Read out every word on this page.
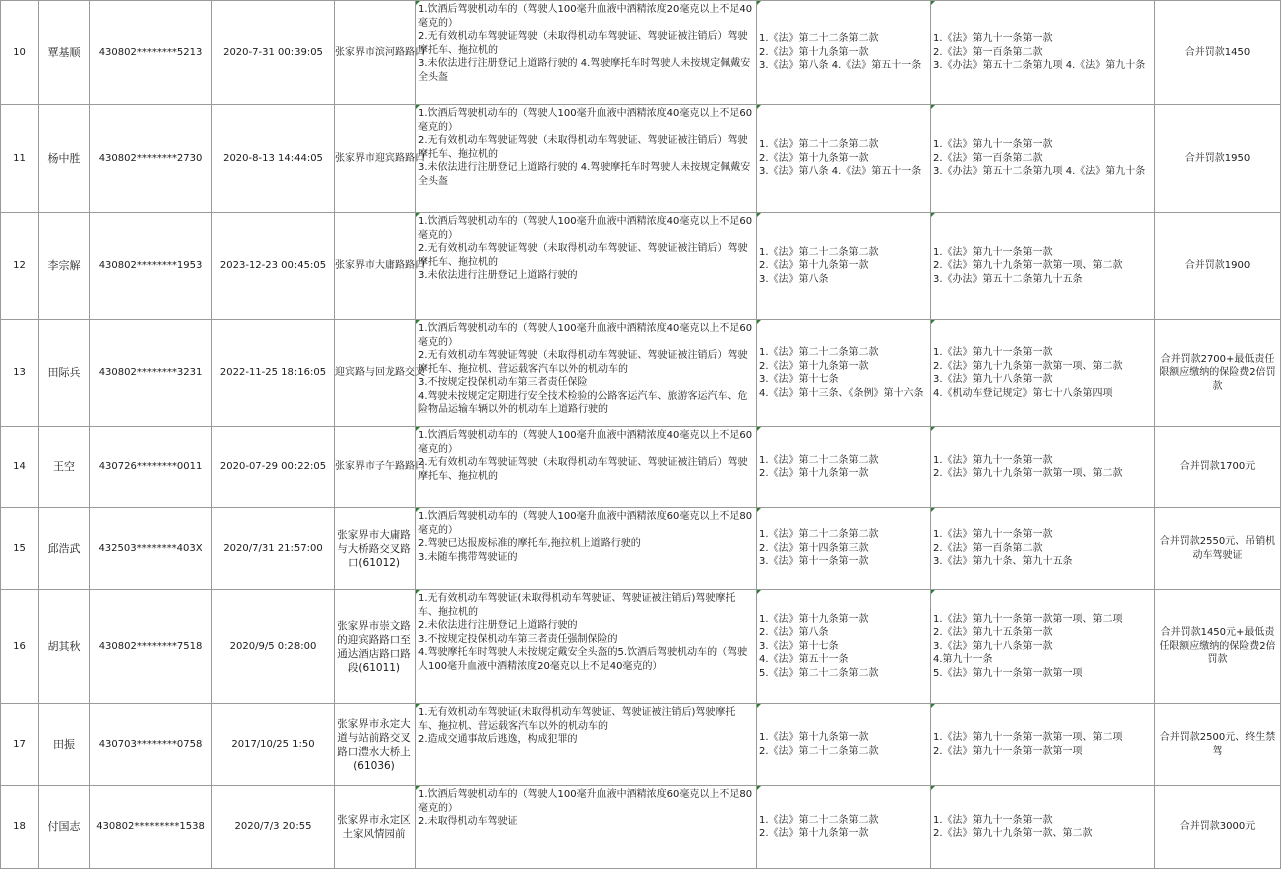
10	覃基顺	430802********5213	2020-7-31 00:39:05	张家界市滨河路路口	1.饮酒后驾驶机动车的（驾驶人100毫升血液中酒精浓度20毫克以上不足40毫克的）
2.无有效机动车驾驶证驾驶（未取得机动车驾驶证、驾驶证被注销后）驾驶摩托车、拖拉机的
3.未依法进行注册登记上道路行驶的 4.驾驶摩托车时驾驶人未按规定佩戴安全头盔	1.《法》第二十二条第二款
2.《法》第十九条第一款
3.《法》第八条 4.《法》第五十一条	1.《法》第九十一条第一款
2.《法》第一百条第二款
3.《办法》第五十二条第九项 4.《法》第九十条	合并罚款1450
11	杨中胜	430802********2730	2020-8-13 14:44:05	张家界市迎宾路路口	1.饮酒后驾驶机动车的（驾驶人100毫升血液中酒精浓度40毫克以上不足60毫克的）
2.无有效机动车驾驶证驾驶（未取得机动车驾驶证、驾驶证被注销后）驾驶摩托车、拖拉机的
3.未依法进行注册登记上道路行驶的 4.驾驶摩托车时驾驶人未按规定佩戴安全头盔	1.《法》第二十二条第二款
2.《法》第十九条第一款
3.《法》第八条 4.《法》第五十一条	1.《法》第九十一条第一款
2.《法》第一百条第二款
3.《办法》第五十二条第九项 4.《法》第九十条	合并罚款1950
12	李宗解	430802********1953	2023-12-23 00:45:05	张家界市大庸路路口	1.饮酒后驾驶机动车的（驾驶人100毫升血液中酒精浓度40毫克以上不足60毫克的）
2.无有效机动车驾驶证驾驶（未取得机动车驾驶证、驾驶证被注销后）驾驶摩托车、拖拉机的
3.未依法进行注册登记上道路行驶的	1.《法》第二十二条第二款
2.《法》第十九条第一款
3.《法》第八条	1.《法》第九十一条第一款
2.《法》第九十九条第一款第一项、第二款
3.《办法》第五十二条第九十五条	合并罚款1900
13	田际兵	430802********3231	2022-11-25 18:16:05	迎宾路与回龙路交叉	1.饮酒后驾驶机动车的（驾驶人100毫升血液中酒精浓度40毫克以上不足60毫克的）
2.无有效机动车驾驶证驾驶（未取得机动车驾驶证、驾驶证被注销后）驾驶摩托车、拖拉机、营运载客汽车以外的机动车的
3.不按规定投保机动车第三者责任保险
4.驾驶未按规定定期进行安全技术检验的公路客运汽车、旅游客运汽车、危险物品运输车辆以外的机动车上道路行驶的	1.《法》第二十二条第二款
2.《法》第十九条第一款
3.《法》第十七条
4.《法》第十三条、《条例》第十六条	1.《法》第九十一条第一款
2.《法》第九十九条第一款第一项、第二款
3.《法》第九十八条第一款
4.《机动车登记规定》第七十八条第四项	合并罚款2700+最低责任限额应缴纳的保险费2倍罚款
14	王空	430726********0011	2020-07-29 00:22:05	张家界市子午路路口	1.饮酒后驾驶机动车的（驾驶人100毫升血液中酒精浓度40毫克以上不足60毫克的）
2.无有效机动车驾驶证驾驶（未取得机动车驾驶证、驾驶证被注销后）驾驶摩托车、拖拉机的	1.《法》第二十二条第二款
2.《法》第十九条第一款	1.《法》第九十一条第一款
2.《法》第九十九条第一款第一项、第二款	合并罚款1700元
15	邱浩武	432503********403X	2020/7/31 21:57:00	张家界市大庸路与大桥路交叉路口(61012)	1.饮酒后驾驶机动车的（驾驶人100毫升血液中酒精浓度60毫克以上不足80毫克的）
2.驾驶已达报废标准的摩托车,拖拉机上道路行驶的
3.未随车携带驾驶证的	1.《法》第二十二条第二款
2.《法》第十四条第三款
3.《法》第十一条第一款	1.《法》第九十一条第一款
2.《法》第一百条第二款
3.《法》第九十条、第九十五条	合并罚款2550元、吊销机动车驾驶证
16	胡其秋	430802********7518	2020/9/5 0:28:00	张家界市崇文路的迎宾路路口至通达酒店路口路段(61011)	1.无有效机动车驾驶证(未取得机动车驾驶证、驾驶证被注销后)驾驶摩托车、拖拉机的
2.未依法进行注册登记上道路行驶的
3.不按规定投保机动车第三者责任强制保险的
4.驾驶摩托车时驾驶人未按规定戴安全头盔的5.饮酒后驾驶机动车的（驾驶人100毫升血液中酒精浓度20毫克以上不足40毫克的）	1.《法》第十九条第一款
2.《法》第八条
3.《法》第十七条
4.《法》第五十一条
5.《法》第二十二条第二款	1.《法》第九十一条第一款第一项、第二项
2.《法》第九十五条第一款
3.《法》第九十八条第一款
4.第九十一条
5.《法》第九十一条第一款第一项	合并罚款1450元+最低责任限额应缴纳的保险费2倍罚款
17	田振	430703********0758	2017/10/25 1:50	张家界市永定大道与站前路交叉路口澧水大桥上(61036)	1.无有效机动车驾驶证(未取得机动车驾驶证、驾驶证被注销后)驾驶摩托车、拖拉机、营运载客汽车以外的机动车的
2.造成交通事故后逃逸，构成犯罪的	1.《法》第十九条第一款
2.《法》第二十二条第二款	1.《法》第九十一条第一款第一项、第二项
2.《法》第九十一条第一款第一项	合并罚款2500元、终生禁驾
18	付国志	430802*********1538	2020/7/3 20:55	张家界市永定区土家风情园前	1.饮酒后驾驶机动车的（驾驶人100毫升血液中酒精浓度60毫克以上不足80毫克的）
2.未取得机动车驾驶证	1.《法》第二十二条第二款
2.《法》第十九条第一款	1.《法》第九十一条第一款
2.《法》第九十九条第一款、第二款	合并罚款3000元
